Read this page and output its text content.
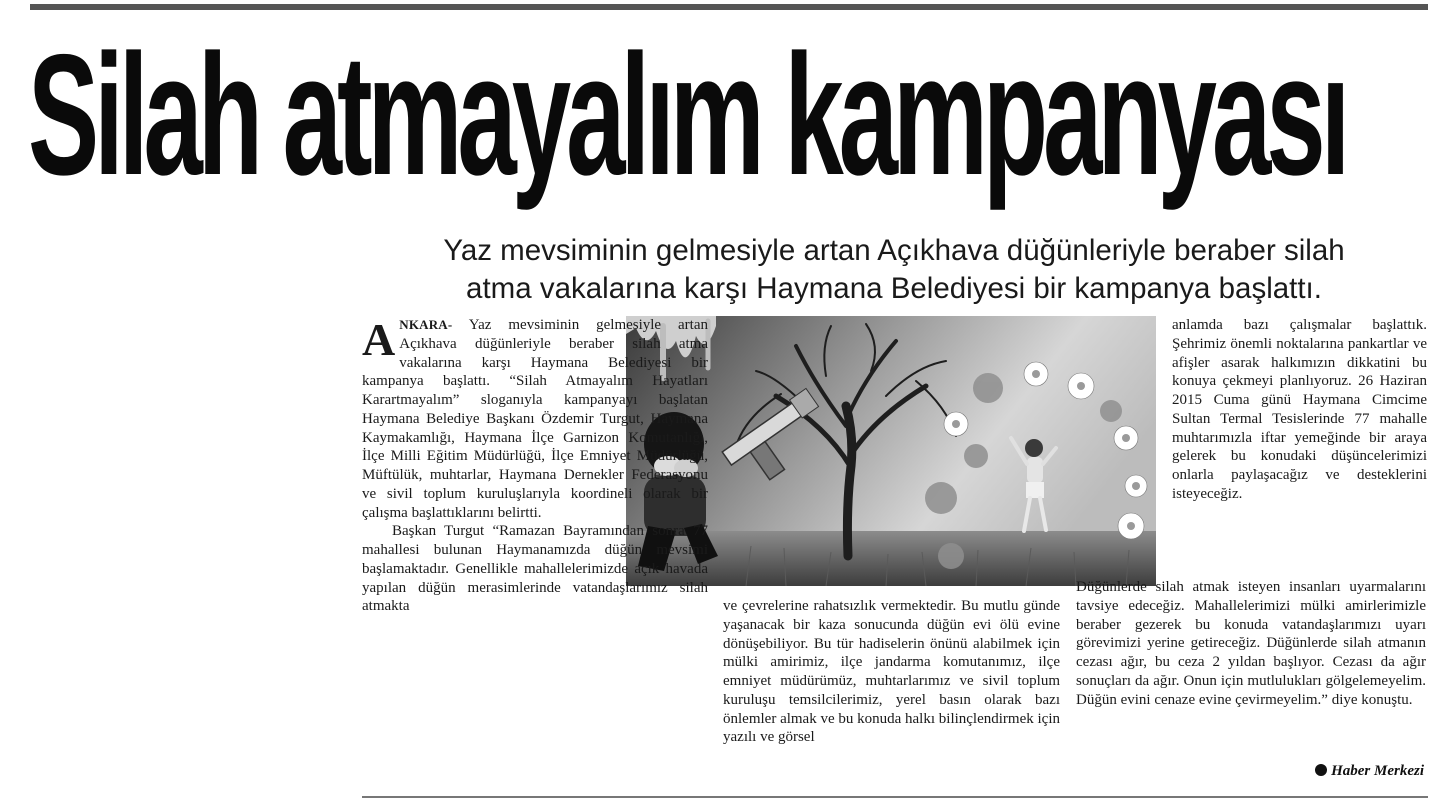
Silah atmayalım kampanyası
Yaz mevsiminin gelmesiyle artan Açıkhava düğünleriyle beraber silah
atma vakalarına karşı Haymana Belediyesi bir kampanya başlattı.

ANKARA- Yaz mevsiminin gelmesiyle artan Açıkhava düğünleriyle beraber silah atma vakalarına karşı Haymana Belediyesi bir kampanya başlattı. “Silah Atmayalım Hayatları Karartmayalım” sloganıyla kampanyayı başlatan Haymana Belediye Başkanı Özdemir Turgut, Haymana Kaymakamlığı, Haymana İlçe Garnizon Komutanlığı, İlçe Milli Eğitim Müdürlüğü, İlçe Emniyet Müdürlüğü, Müftülük, muhtarlar, Haymana Dernekler Federasyonu ve sivil toplum kuruluşlarıyla koordineli olarak bir çalışma başlattıklarını belirtti.

Başkan Turgut “Ramazan Bayramından sonra 77 mahallesi bulunan Haymanamızda düğün mevsimi başlamaktadır. Genellikle mahallelerimizde açık havada yapılan düğün merasimlerinde vatandaşlarımız silah atmakta	ve çevrelerine rahatsızlık vermektedir. Bu mutlu günde yaşanacak bir kaza sonucunda düğün evi ölü evine dönüşebiliyor. Bu tür hadiselerin önünü alabilmek için mülki amirimiz, ilçe jandarma komutanımız, ilçe emniyet müdürümüz, muhtarlarımız ve sivil toplum kuruluşu temsilcilerimiz, yerel basın olarak bazı önlemler almak ve bu konuda halkı bilinçlendirmek için yazılı ve görsel

anlamda bazı çalışmalar başlattık. Şehrimiz önemli noktalarına pankartlar ve afişler asarak halkımızın dikkatini bu konuya çekmeyi planlıyoruz. 26 Haziran 2015 Cuma günü Haymana Cimcime Sultan Termal Tesislerinde 77 mahalle muhtarımızla iftar yemeğinde bir araya gelerek bu konudaki düşüncelerimizi onlarla paylaşacağız ve desteklerini isteyeceğiz.

Haber Merkezi
Düğünlerde silah atmak isteyen insanları uyarmalarını tavsiye edeceğiz. Mahallelerimizi mülki amirlerimizle beraber gezerek bu konuda vatandaşlarımızı uyarı görevimizi yerine getireceğiz. Düğünlerde silah atmanın cezası ağır, bu ceza 2 yıldan başlıyor. Cezası da ağır sonuçları da ağır. Onun için mutlulukları gölgelemeyelim. Düğün evini cenaze evine çevirmeyelim.” diye konuştu.
